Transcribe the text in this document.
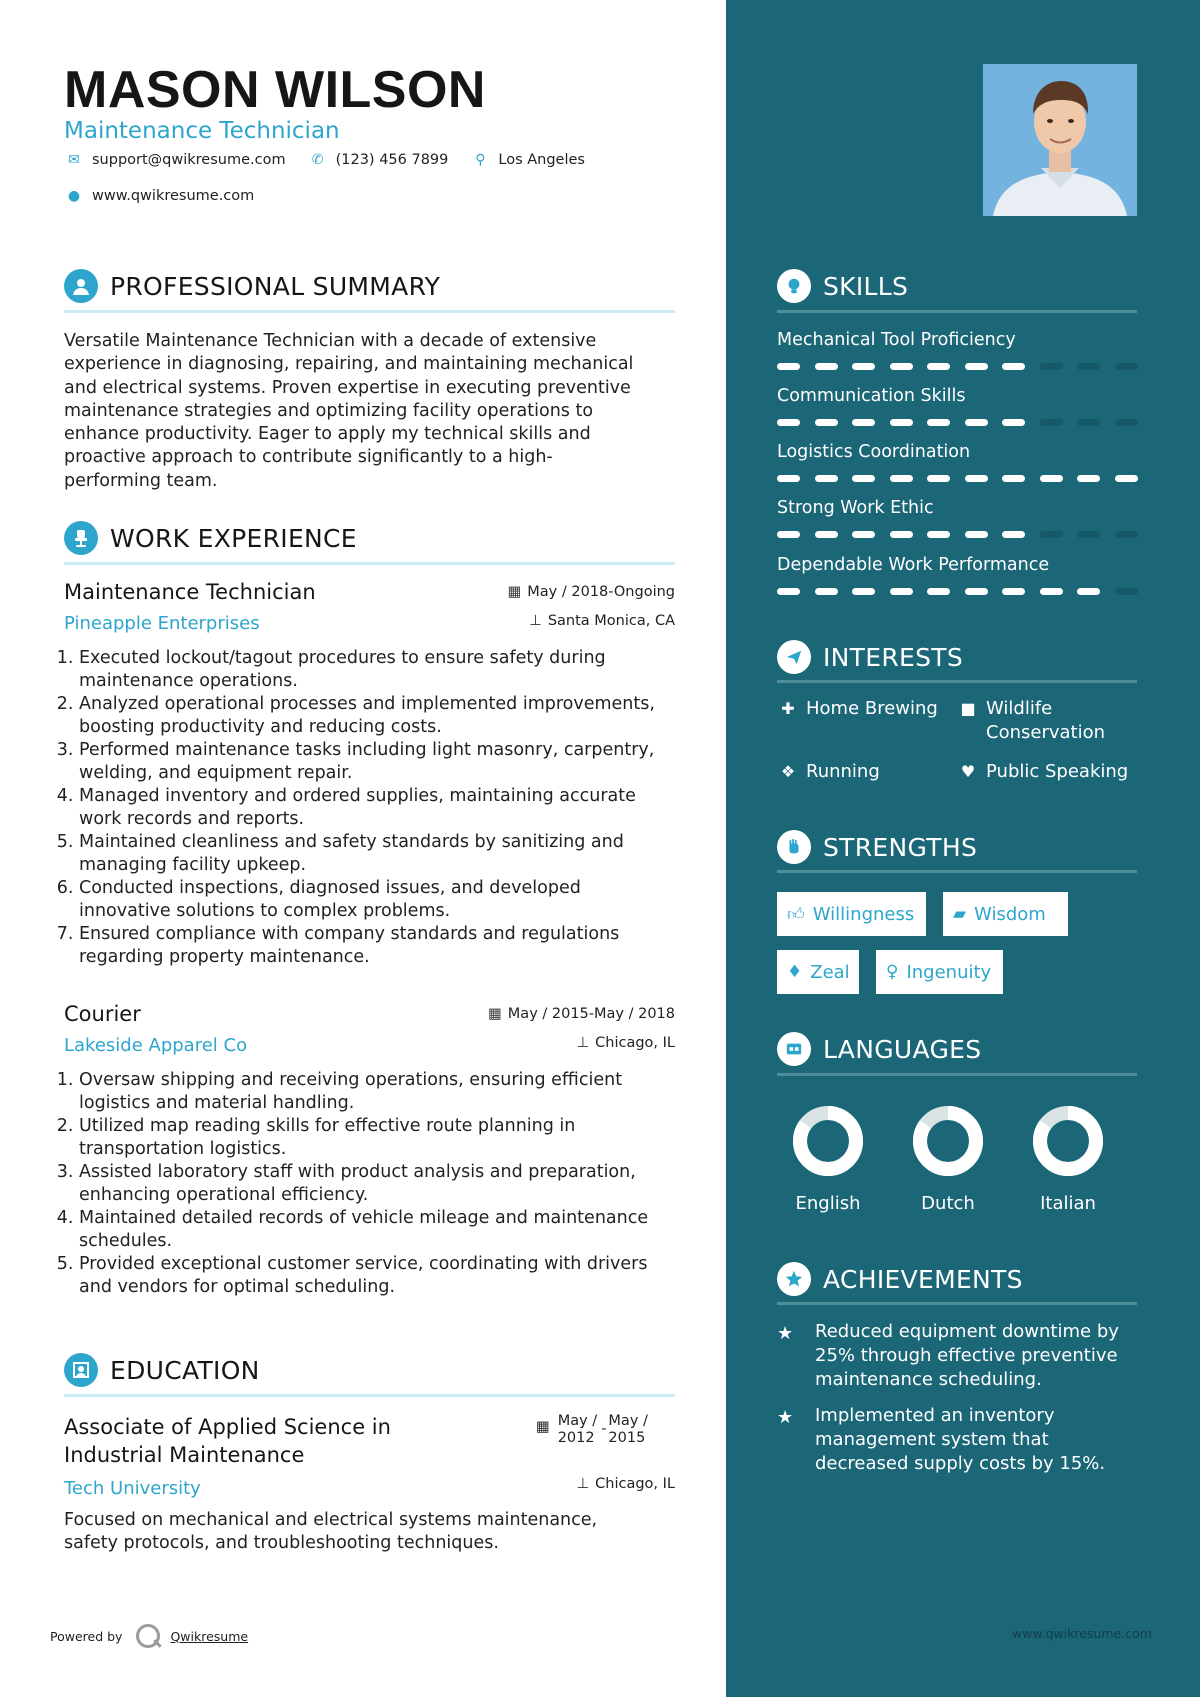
MASON WILSON
Maintenance Technician
✉ support@qwikresume.com ✆ (123) 456 7899	⚲ Los Angeles
● www.qwikresume.com
PROFESSIONAL SUMMARY
Versatile Maintenance Technician with a decade of extensive
experience in diagnosing, repairing, and maintaining mechanical
and electrical systems. Proven expertise in executing preventive
maintenance strategies and optimizing facility operations to
enhance productivity. Eager to apply my technical skills and
proactive approach to contribute significantly to a high-
performing team.
WORK EXPERIENCE
Maintenance Technician
Pineapple Enterprises
▦ May / 2018-Ongoing
⊥ Santa Monica, CA
1. Executed lockout/tagout procedures to ensure safety during maintenance operations.
2. Analyzed operational processes and implemented improvements, boosting productivity and reducing costs.
3. Performed maintenance tasks including light masonry, carpentry, welding, and equipment repair.
4. Managed inventory and ordered supplies, maintaining accurate work records and reports.
5. Maintained cleanliness and safety standards by sanitizing and managing facility upkeep.
6. Conducted inspections, diagnosed issues, and developed innovative solutions to complex problems.
7. Ensured compliance with company standards and regulations regarding property maintenance.
Courier
Lakeside Apparel Co
▦ May / 2015-May / 2018
⊥ Chicago, IL
1. Oversaw shipping and receiving operations, ensuring efficient logistics and material handling.
2. Utilized map reading skills for effective route planning in transportation logistics.
3. Assisted laboratory staff with product analysis and preparation, enhancing operational efficiency.
4. Maintained detailed records of vehicle mileage and maintenance schedules.
5. Provided exceptional customer service, coordinating with drivers and vendors for optimal scheduling.
EDUCATION
Associate of Applied Science in
Industrial Maintenance
Tech University	⊥ Chicago, IL
Focused on mechanical and electrical systems maintenance,
safety protocols, and troubleshooting techniques.
▦ May /
2012
- May /
2015
Powered by	Qwikresume
SKILLS
Mechanical Tool Proficiency
Communication Skills
Logistics Coordination
Strong Work Ethic
Dependable Work Performance
INTERESTS
✚ Home Brewing ■ Wildlife
Conservation
❖ Running	♥ Public Speaking
STRENGTHS
👍︎ Willingness ▰ Wisdom
♦ Zeal ♀ Ingenuity
LANGUAGES
English	Dutch	Italian
ACHIEVEMENTS
★	Reduced equipment downtime by
25% through effective preventive
maintenance scheduling.
★	Implemented an inventory
management system that
decreased supply costs by 15%.
www.qwikresume.com
